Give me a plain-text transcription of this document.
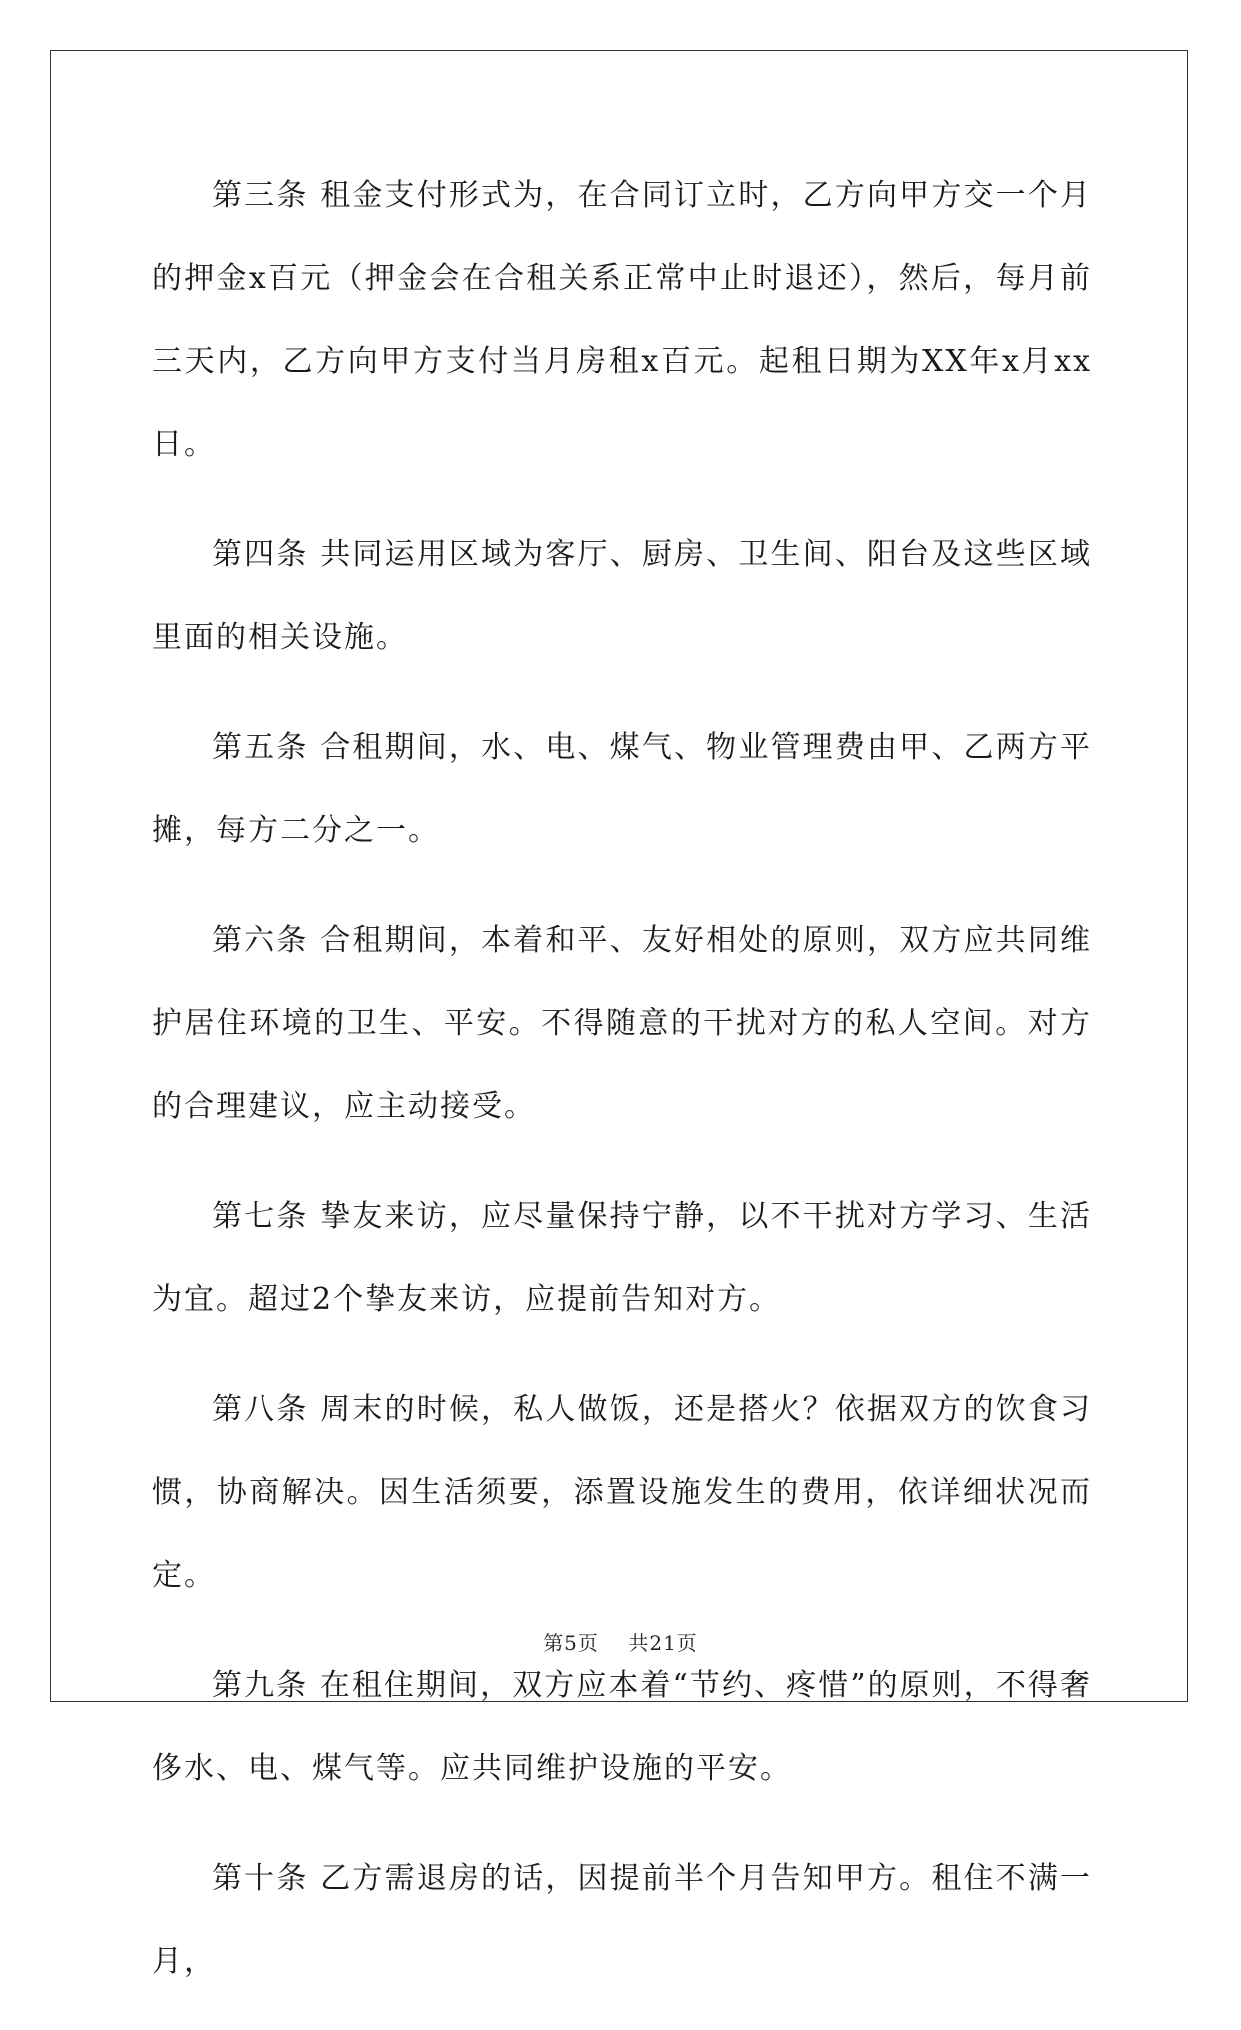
第三条 租金支付形式为，在合同订立时，乙方向甲方交一个月的押金x百元（押金会在合租关系正常中止时退还），然后，每月前三天内，乙方向甲方支付当月房租x百元。起租日期为XX年x月xx日。

第四条 共同运用区域为客厅、厨房、卫生间、阳台及这些区域里面的相关设施。

第五条 合租期间，水、电、煤气、物业管理费由甲、乙两方平摊，每方二分之一。

第六条 合租期间，本着和平、友好相处的原则，双方应共同维护居住环境的卫生、平安。不得随意的干扰对方的私人空间。对方的合理建议，应主动接受。

第七条 挚友来访，应尽量保持宁静，以不干扰对方学习、生活为宜。超过2个挚友来访，应提前告知对方。

第八条 周末的时候，私人做饭，还是搭火？依据双方的饮食习惯，协商解决。因生活须要，添置设施发生的费用，依详细状况而定。

第九条 在租住期间，双方应本着“节约、疼惜”的原则，不得奢侈水、电、煤气等。应共同维护设施的平安。

第十条 乙方需退房的话，因提前半个月告知甲方。租住不满一月，

第5页 共21页
